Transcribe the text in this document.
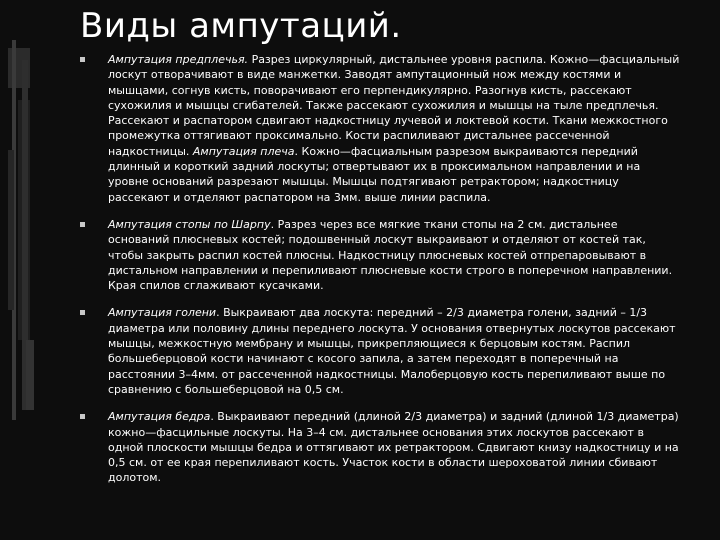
Виды ампутаций.

Ампутация предплечья. Разрез циркулярный, дистальнее уровня распила. Кожно—фасциальный лоскут отворачивают в виде манжетки. Заводят ампутационный нож между костями и мышцами, согнув кисть, поворачивают его перпендикулярно. Разогнув кисть, рассекают сухожилия и мышцы сгибателей. Также рассекают сухожилия и мышцы на тыле предплечья. Рассекают и распатором сдвигают надкостницу лучевой и локтевой кости. Ткани межкостного промежутка оттягивают проксимально. Кости распиливают дистальнее рассеченной надкостницы. Ампутация плеча. Кожно—фасциальным разрезом выкраиваются передний длинный и короткий задний лоскуты; отвертывают их в проксимальном направлении и на уровне оснований разрезают мышцы. Мышцы подтягивают ретрактором; надкостницу рассекают и отделяют распатором на 3мм. выше линии распила.

Ампутация стопы по Шарпу. Разрез через все мягкие ткани стопы на 2 см. дистальнее оснований плюсневых костей; подошвенный лоскут выкраивают и отделяют от костей так, чтобы закрыть распил костей плюсны. Надкостницу плюсневых костей отпрепаровывают в дистальном направлении и перепиливают плюсневые кости строго в поперечном направлении. Края спилов сглаживают кусачками.

Ампутация голени. Выкраивают два лоскута: передний – 2/3 диаметра голени, задний – 1/3 диаметра или половину длины переднего лоскута. У основания отвернутых лоскутов рассекают мышцы, межкостную мембрану и мышцы, прикрепляющиеся к берцовым костям. Распил большеберцовой кости начинают с косого запила, а затем переходят в поперечный на расстоянии 3–4мм. от рассеченной надкостницы. Малоберцовую кость перепиливают выше по сравнению с большеберцовой на 0,5 см.

Ампутация бедра. Выкраивают передний (длиной 2/3 диаметра) и задний (длиной 1/3 диаметра) кожно—фасцильные лоскуты. На 3–4 см. дистальнее основания этих лоскутов рассекают в одной плоскости мышцы бедра и оттягивают их ретрактором. Сдвигают книзу надкостницу и на 0,5 см. от ее края перепиливают кость. Участок кости в области шероховатой линии сбивают долотом.
